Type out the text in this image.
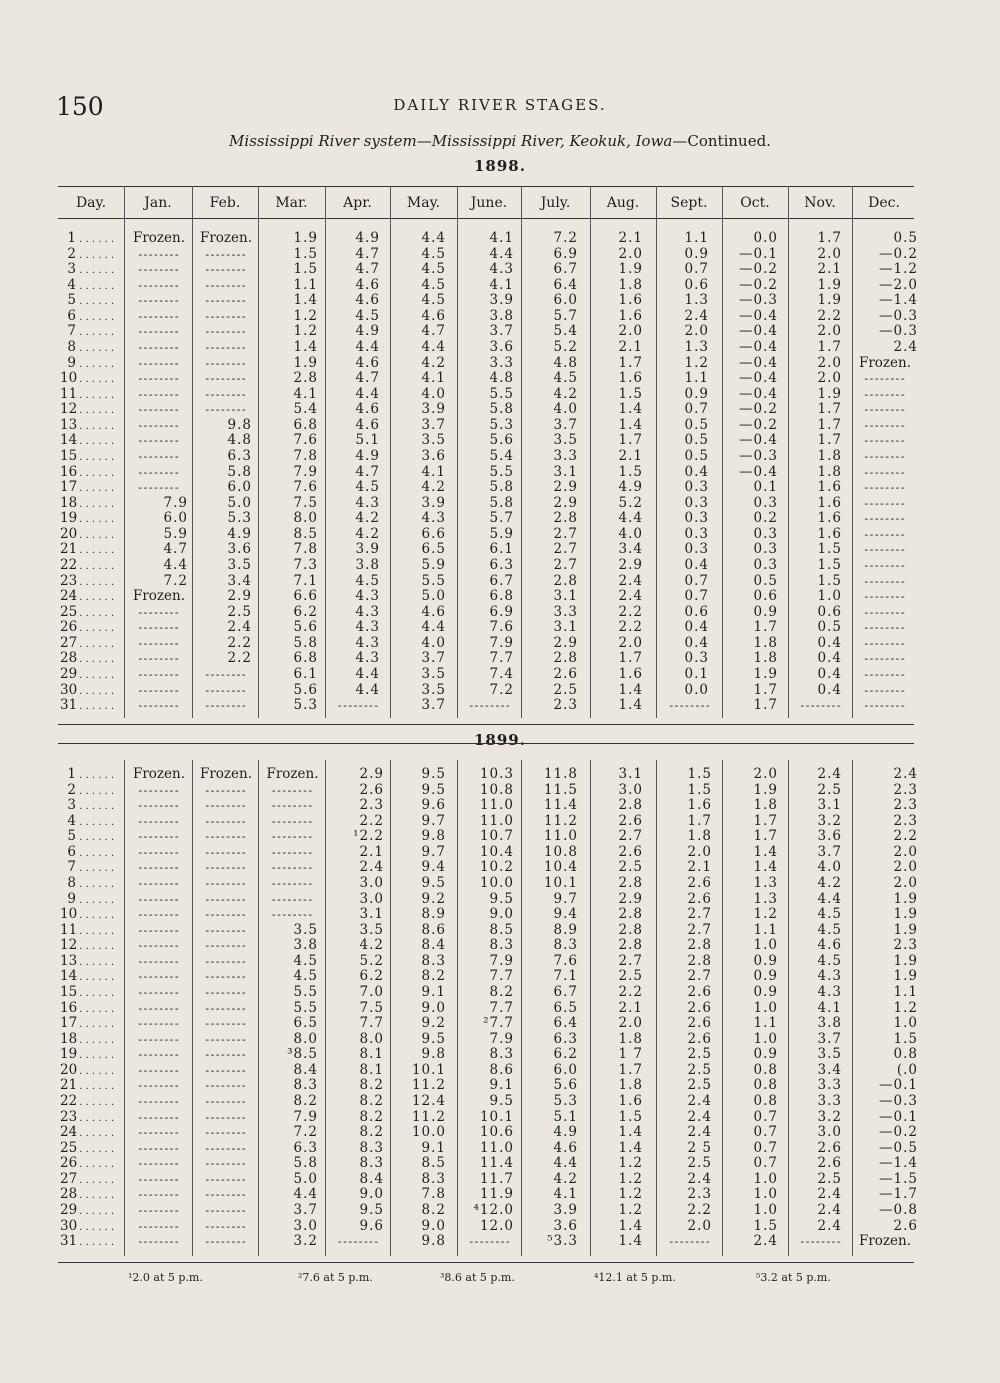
150	DAILY RIVER STAGES.
Mississippi River system—Mississippi River, Keokuk, Iowa—Continued.
1898.
1899.
Day.	Jan.	Feb.	Mar.	Apr.	May.	June.	July.	Aug.	Sept.	Oct.	Nov.	Dec.
1 . . . . . .	Frozen.	Frozen.	1.9	4.9	4.4	4.1	7.2	2.1	1.1	0.0	1.7	0.5
2 . . . . . .	- - - - - - - -	- - - - - - - -	1.5	4.7	4.5	4.4	6.9	2.0	0.9	—0.1	2.0	—0.2
3 . . . . . .	- - - - - - - -	- - - - - - - -	1.5	4.7	4.5	4.3	6.7	1.9	0.7	—0.2	2.1	—1.2
4 . . . . . .	- - - - - - - -	- - - - - - - -	1.1	4.6	4.5	4.1	6.4	1.8	0.6	—0.2	1.9	—2.0
5 . . . . . .	- - - - - - - -	- - - - - - - -	1.4	4.6	4.5	3.9	6.0	1.6	1.3	—0.3	1.9	—1.4
6 . . . . . .	- - - - - - - -	- - - - - - - -	1.2	4.5	4.6	3.8	5.7	1.6	2.4	—0.4	2.2	—0.3
7 . . . . . .	- - - - - - - -	- - - - - - - -	1.2	4.9	4.7	3.7	5.4	2.0	2.0	—0.4	2.0	—0.3
8 . . . . . .	- - - - - - - -	- - - - - - - -	1.4	4.4	4.4	3.6	5.2	2.1	1.3	—0.4	1.7	2.4
9 . . . . . .	- - - - - - - -	- - - - - - - -	1.9	4.6	4.2	3.3	4.8	1.7	1.2	—0.4	2.0	Frozen.
10 . . . . . .	- - - - - - - -	- - - - - - - -	2.8	4.7	4.1	4.8	4.5	1.6	1.1	—0.4	2.0	- - - - - - - -
11 . . . . . .	- - - - - - - -	- - - - - - - -	4.1	4.4	4.0	5.5	4.2	1.5	0.9	—0.4	1.9	- - - - - - - -
12 . . . . . .	- - - - - - - -	- - - - - - - -	5.4	4.6	3.9	5.8	4.0	1.4	0.7	—0.2	1.7	- - - - - - - -
13 . . . . . .	- - - - - - - -	9.8	6.8	4.6	3.7	5.3	3.7	1.4	0.5	—0.2	1.7	- - - - - - - -
14 . . . . . .	- - - - - - - -	4.8	7.6	5.1	3.5	5.6	3.5	1.7	0.5	—0.4	1.7	- - - - - - - -
15 . . . . . .	- - - - - - - -	6.3	7.8	4.9	3.6	5.4	3.3	2.1	0.5	—0.3	1.8	- - - - - - - -
16 . . . . . .	- - - - - - - -	5.8	7.9	4.7	4.1	5.5	3.1	1.5	0.4	—0.4	1.8	- - - - - - - -
17 . . . . . .	- - - - - - - -	6.0	7.6	4.5	4.2	5.8	2.9	4.9	0.3	0.1	1.6	- - - - - - - -
18 . . . . . .	7.9	5.0	7.5	4.3	3.9	5.8	2.9	5.2	0.3	0.3	1.6	- - - - - - - -
19 . . . . . .	6.0	5.3	8.0	4.2	4.3	5.7	2.8	4.4	0.3	0.2	1.6	- - - - - - - -
20 . . . . . .	5.9	4.9	8.5	4.2	6.6	5.9	2.7	4.0	0.3	0.3	1.6	- - - - - - - -
21 . . . . . .	4.7	3.6	7.8	3.9	6.5	6.1	2.7	3.4	0.3	0.3	1.5	- - - - - - - -
22 . . . . . .	4.4	3.5	7.3	3.8	5.9	6.3	2.7	2.9	0.4	0.3	1.5	- - - - - - - -
23 . . . . . .	7.2	3.4	7.1	4.5	5.5	6.7	2.8	2.4	0.7	0.5	1.5	- - - - - - - -
24 . . . . . .	Frozen.	2.9	6.6	4.3	5.0	6.8	3.1	2.4	0.7	0.6	1.0	- - - - - - - -
25 . . . . . .	- - - - - - - -	2.5	6.2	4.3	4.6	6.9	3.3	2.2	0.6	0.9	0.6	- - - - - - - -
26 . . . . . .	- - - - - - - -	2.4	5.6	4.3	4.4	7.6	3.1	2.2	0.4	1.7	0.5	- - - - - - - -
27 . . . . . .	- - - - - - - -	2.2	5.8	4.3	4.0	7.9	2.9	2.0	0.4	1.8	0.4	- - - - - - - -
28 . . . . . .	- - - - - - - -	2.2	6.8	4.3	3.7	7.7	2.8	1.7	0.3	1.8	0.4	- - - - - - - -
29 . . . . . .	- - - - - - - -	- - - - - - - -	6.1	4.4	3.5	7.4	2.6	1.6	0.1	1.9	0.4	- - - - - - - -
30 . . . . . .	- - - - - - - -	- - - - - - - -	5.6	4.4	3.5	7.2	2.5	1.4	0.0	1.7	0.4	- - - - - - - -
31 . . . . . .	- - - - - - - -	- - - - - - - -	5.3	- - - - - - - -	3.7	- - - - - - - -	2.3	1.4	- - - - - - - -	1.7	- - - - - - - -	- - - - - - - -
1 . . . . . .	Frozen.	Frozen.	Frozen.	2.9	9.5	10.3	11.8	3.1	1.5	2.0	2.4	2.4
2 . . . . . .	- - - - - - - -	- - - - - - - -	- - - - - - - -	2.6	9.5	10.8	11.5	3.0	1.5	1.9	2.5	2.3
3 . . . . . .	- - - - - - - -	- - - - - - - -	- - - - - - - -	2.3	9.6	11.0	11.4	2.8	1.6	1.8	3.1	2.3
4 . . . . . .	- - - - - - - -	- - - - - - - -	- - - - - - - -	2.2	9.7	11.0	11.2	2.6	1.7	1.7	3.2	2.3
5 . . . . . .	- - - - - - - -	- - - - - - - -	- - - - - - - -	¹2.2	9.8	10.7	11.0	2.7	1.8	1.7	3.6	2.2
6 . . . . . .	- - - - - - - -	- - - - - - - -	- - - - - - - -	2.1	9.7	10.4	10.8	2.6	2.0	1.4	3.7	2.0
7 . . . . . .	- - - - - - - -	- - - - - - - -	- - - - - - - -	2.4	9.4	10.2	10.4	2.5	2.1	1.4	4.0	2.0
8 . . . . . .	- - - - - - - -	- - - - - - - -	- - - - - - - -	3.0	9.5	10.0	10.1	2.8	2.6	1.3	4.2	2.0
9 . . . . . .	- - - - - - - -	- - - - - - - -	- - - - - - - -	3.0	9.2	9.5	9.7	2.9	2.6	1.3	4.4	1.9
10 . . . . . .	- - - - - - - -	- - - - - - - -	- - - - - - - -	3.1	8.9	9.0	9.4	2.8	2.7	1.2	4.5	1.9
11 . . . . . .	- - - - - - - -	- - - - - - - -	3.5	3.5	8.6	8.5	8.9	2.8	2.7	1.1	4.5	1.9
12 . . . . . .	- - - - - - - -	- - - - - - - -	3.8	4.2	8.4	8.3	8.3	2.8	2.8	1.0	4.6	2.3
13 . . . . . .	- - - - - - - -	- - - - - - - -	4.5	5.2	8.3	7.9	7.6	2.7	2.8	0.9	4.5	1.9
14 . . . . . .	- - - - - - - -	- - - - - - - -	4.5	6.2	8.2	7.7	7.1	2.5	2.7	0.9	4.3	1.9
15 . . . . . .	- - - - - - - -	- - - - - - - -	5.5	7.0	9.1	8.2	6.7	2.2	2.6	0.9	4.3	1.1
16 . . . . . .	- - - - - - - -	- - - - - - - -	5.5	7.5	9.0	7.7	6.5	2.1	2.6	1.0	4.1	1.2
17 . . . . . .	- - - - - - - -	- - - - - - - -	6.5	7.7	9.2	²7.7	6.4	2.0	2.6	1.1	3.8	1.0
18 . . . . . .	- - - - - - - -	- - - - - - - -	8.0	8.0	9.5	7.9	6.3	1.8	2.6	1.0	3.7	1.5
19 . . . . . .	- - - - - - - -	- - - - - - - -	³8.5	8.1	9.8	8.3	6.2	1 7	2.5	0.9	3.5	0.8
20 . . . . . .	- - - - - - - -	- - - - - - - -	8.4	8.1	10.1	8.6	6.0	1.7	2.5	0.8	3.4	(.0
21 . . . . . .	- - - - - - - -	- - - - - - - -	8.3	8.2	11.2	9.1	5.6	1.8	2.5	0.8	3.3	—0.1
22 . . . . . .	- - - - - - - -	- - - - - - - -	8.2	8.2	12.4	9.5	5.3	1.6	2.4	0.8	3.3	—0.3
23 . . . . . .	- - - - - - - -	- - - - - - - -	7.9	8.2	11.2	10.1	5.1	1.5	2.4	0.7	3.2	—0.1
24 . . . . . .	- - - - - - - -	- - - - - - - -	7.2	8.2	10.0	10.6	4.9	1.4	2.4	0.7	3.0	—0.2
25 . . . . . .	- - - - - - - -	- - - - - - - -	6.3	8.3	9.1	11.0	4.6	1.4	2 5	0.7	2.6	—0.5
26 . . . . . .	- - - - - - - -	- - - - - - - -	5.8	8.3	8.5	11.4	4.4	1.2	2.5	0.7	2.6	—1.4
27 . . . . . .	- - - - - - - -	- - - - - - - -	5.0	8.4	8.3	11.7	4.2	1.2	2.4	1.0	2.5	—1.5
28 . . . . . .	- - - - - - - -	- - - - - - - -	4.4	9.0	7.8	11.9	4.1	1.2	2.3	1.0	2.4	—1.7
29 . . . . . .	- - - - - - - -	- - - - - - - -	3.7	9.5	8.2	⁴12.0	3.9	1.2	2.2	1.0	2.4	—0.8
30 . . . . . .	- - - - - - - -	- - - - - - - -	3.0	9.6	9.0	12.0	3.6	1.4	2.0	1.5	2.4	2.6
31 . . . . . .	- - - - - - - -	- - - - - - - -	3.2	- - - - - - - -	9.8	- - - - - - - -	⁵3.3	1.4	- - - - - - - -	2.4	- - - - - - - -	Frozen.
¹2.0 at 5 p.m.	²7.6 at 5 p.m.	³8.6 at 5 p.m.	⁴12.1 at 5 p.m.	⁵3.2 at 5 p.m.
